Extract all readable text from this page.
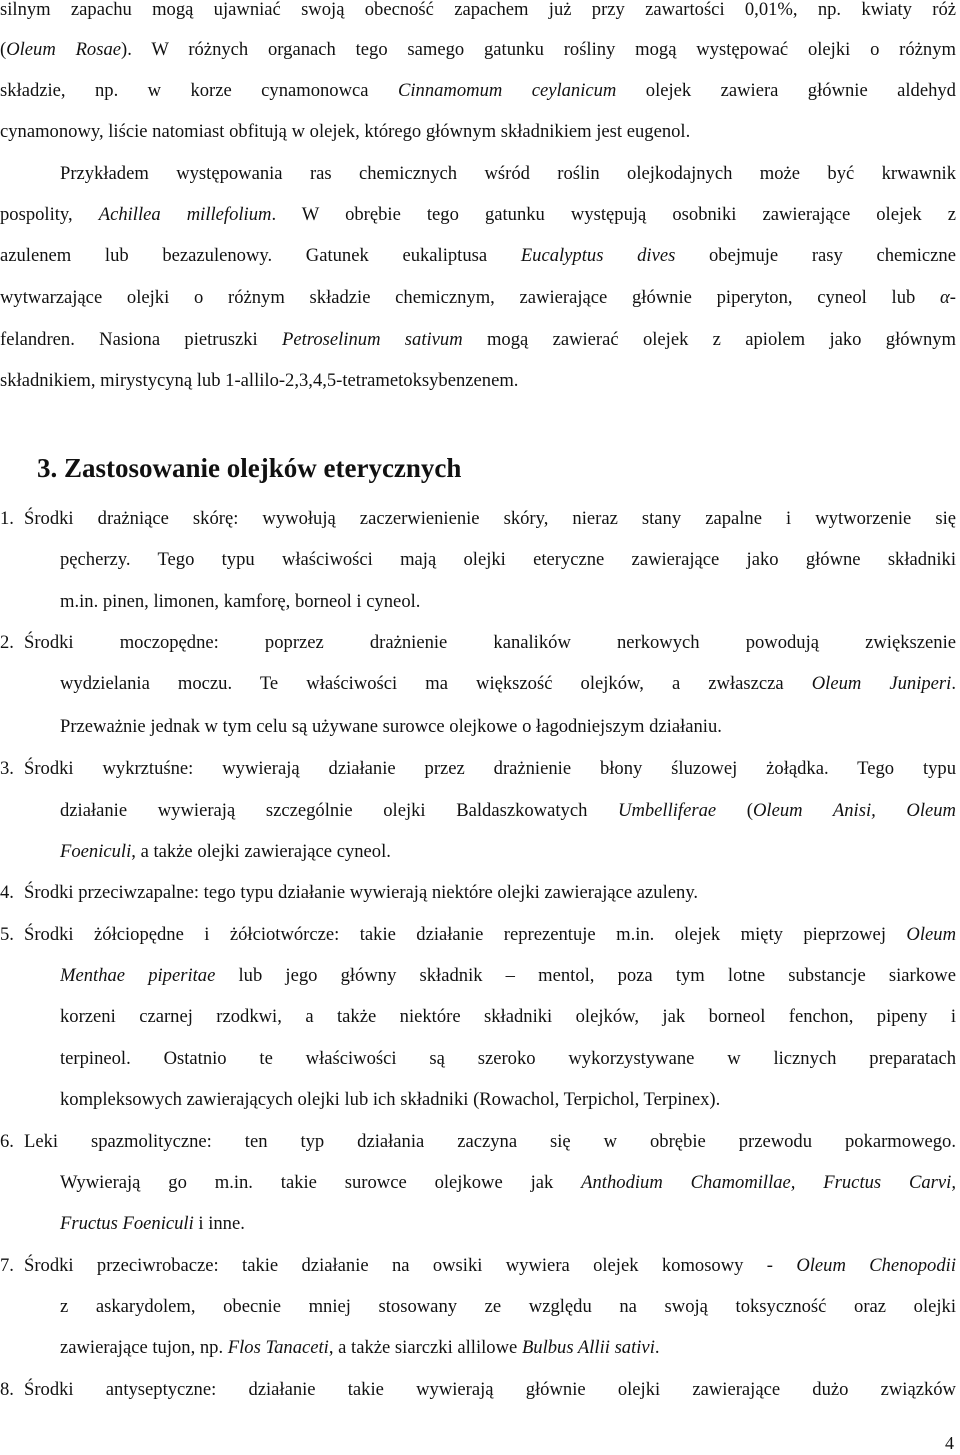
silnym zapachu mogą ujawniać swoją obecność zapachem już przy zawartości 0,01%, np. kwiaty róż
(Oleum Rosae). W różnych organach tego samego gatunku rośliny mogą występować olejki o różnym
składzie, np. w korze cynamonowca Cinnamomum ceylanicum olejek zawiera głównie aldehyd
cynamonowy, liście natomiast obfitują w olejek, którego głównym składnikiem jest eugenol.
Przykładem występowania ras chemicznych wśród roślin olejkodajnych może być krwawnik
pospolity, Achillea millefolium. W obrębie tego gatunku występują osobniki zawierające olejek z
azulenem lub bezazulenowy. Gatunek eukaliptusa Eucalyptus dives obejmuje rasy chemiczne
wytwarzające olejki o różnym składzie chemicznym, zawierające głównie piperyton, cyneol lub α-
felandren. Nasiona pietruszki Petroselinum sativum mogą zawierać olejek z apiolem jako głównym
składnikiem, mirystycyną lub 1-allilo-2,3,4,5-tetrametoksybenzenem.
3. Zastosowanie olejków eterycznych
1. Środki drażniące skórę: wywołują zaczerwienienie skóry, nieraz stany zapalne i wytworzenie się
pęcherzy. Tego typu właściwości mają olejki eteryczne zawierające jako główne składniki
m.in. pinen, limonen, kamforę, borneol i cyneol.
2. Środki moczopędne: poprzez drażnienie kanalików nerkowych powodują zwiększenie
wydzielania moczu. Te właściwości ma większość olejków, a zwłaszcza Oleum Juniperi.
Przeważnie jednak w tym celu są używane surowce olejkowe o łagodniejszym działaniu.
3. Środki wykrztuśne: wywierają działanie przez drażnienie błony śluzowej żołądka. Tego typu
działanie wywierają szczególnie olejki Baldaszkowatych Umbelliferae (Oleum Anisi, Oleum
Foeniculi, a także olejki zawierające cyneol.
4. Środki przeciwzapalne: tego typu działanie wywierają niektóre olejki zawierające azuleny.
5. Środki żółciopędne i żółciotwórcze: takie działanie reprezentuje m.in. olejek mięty pieprzowej Oleum
Menthae piperitae lub jego główny składnik – mentol, poza tym lotne substancje siarkowe
korzeni czarnej rzodkwi, a także niektóre składniki olejków, jak borneol fenchon, pipeny i
terpineol. Ostatnio te właściwości są szeroko wykorzystywane w licznych preparatach
kompleksowych zawierających olejki lub ich składniki (Rowachol, Terpichol, Terpinex).
6. Leki spazmolityczne: ten typ działania zaczyna się w obrębie przewodu pokarmowego.
Wywierają go m.in. takie surowce olejkowe jak Anthodium Chamomillae, Fructus Carvi,
Fructus Foeniculi i inne.
7. Środki przeciwrobacze: takie działanie na owsiki wywiera olejek komosowy - Oleum Chenopodii
z askarydolem, obecnie mniej stosowany ze względu na swoją toksyczność oraz olejki
zawierające tujon, np. Flos Tanaceti, a także siarczki allilowe Bulbus Allii sativi.
8. Środki antyseptyczne: działanie takie wywierają głównie olejki zawierające dużo związków
4
